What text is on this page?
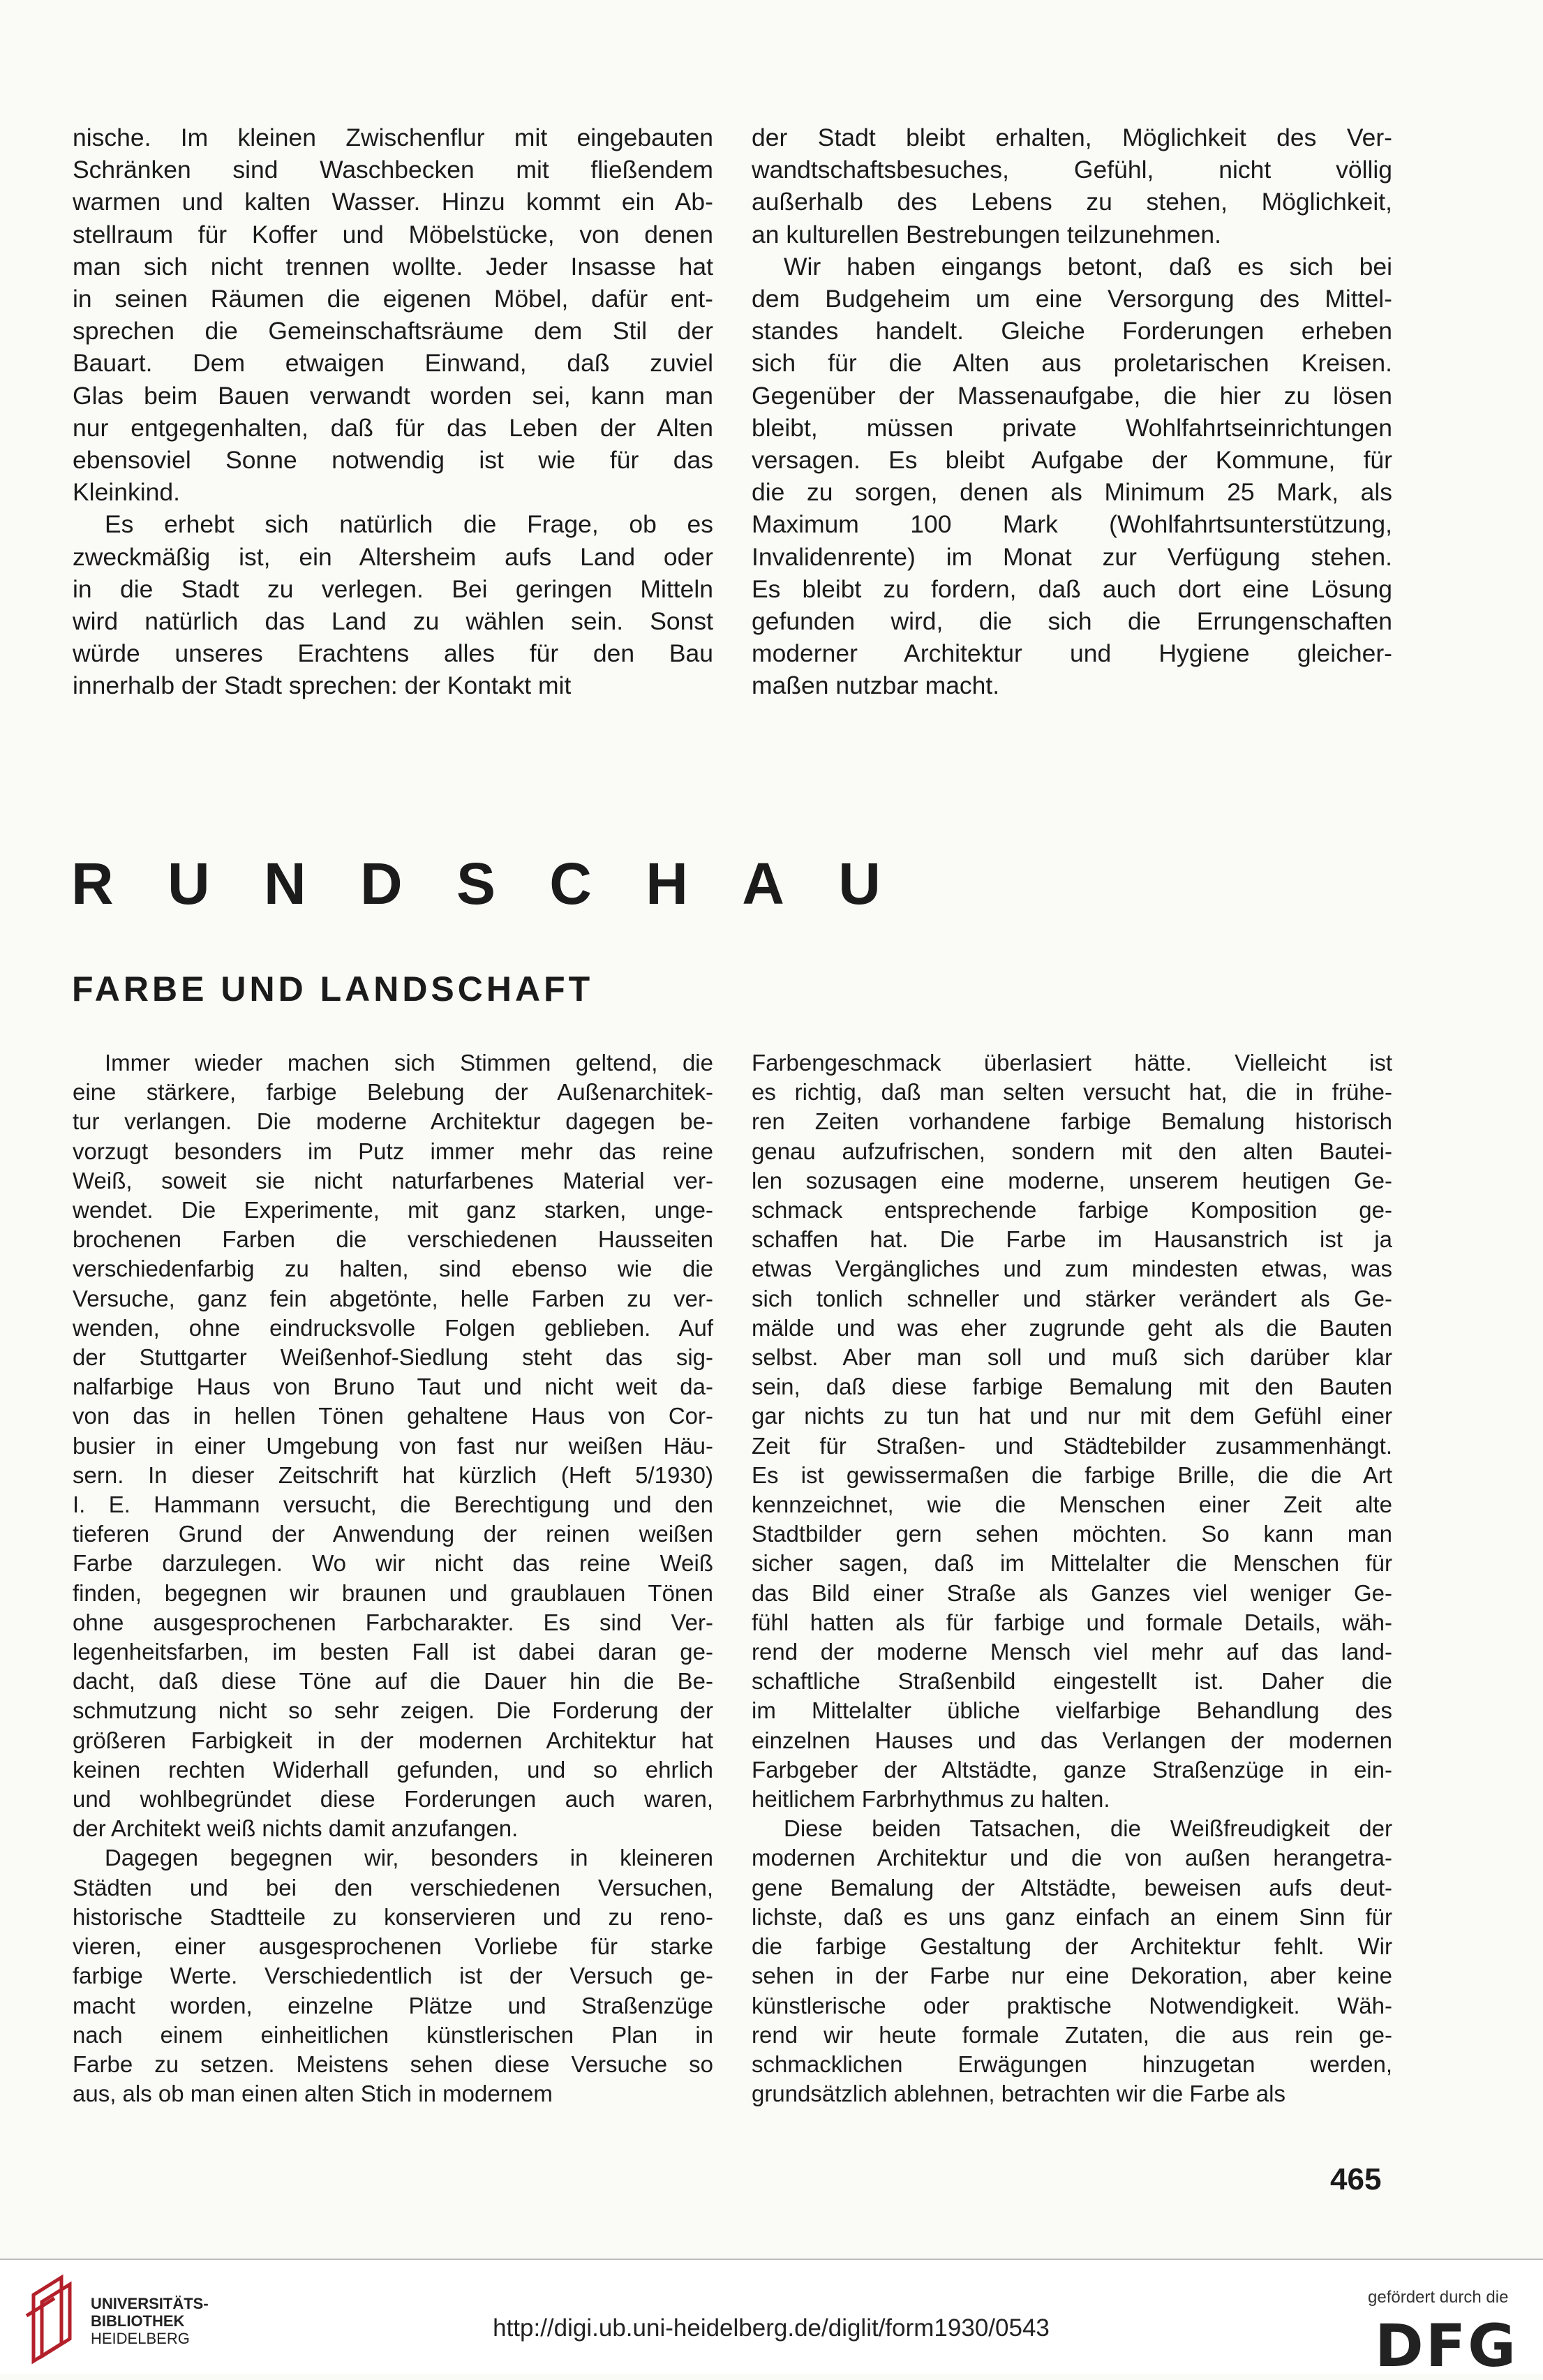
nische. Im kleinen Zwischenflur mit eingebauten
Schränken sind Waschbecken mit fließendem
warmen und kalten Wasser. Hinzu kommt ein Ab-
stellraum für Koffer und Möbelstücke, von denen
man sich nicht trennen wollte. Jeder Insasse hat
in seinen Räumen die eigenen Möbel, dafür ent-
sprechen die Gemeinschaftsräume dem Stil der
Bauart. Dem etwaigen Einwand, daß zuviel
Glas beim Bauen verwandt worden sei, kann man
nur entgegenhalten, daß für das Leben der Alten
ebensoviel Sonne notwendig ist wie für das
Kleinkind.

Es erhebt sich natürlich die Frage, ob es
zweckmäßig ist, ein Altersheim aufs Land oder
in die Stadt zu verlegen. Bei geringen Mitteln
wird natürlich das Land zu wählen sein. Sonst
würde unseres Erachtens alles für den Bau
innerhalb der Stadt sprechen: der Kontakt mit

der Stadt bleibt erhalten, Möglichkeit des Ver-
wandtschaftsbesuches, Gefühl, nicht völlig
außerhalb des Lebens zu stehen, Möglichkeit,
an kulturellen Bestrebungen teilzunehmen.

Wir haben eingangs betont, daß es sich bei
dem Budgeheim um eine Versorgung des Mittel-
standes handelt. Gleiche Forderungen erheben
sich für die Alten aus proletarischen Kreisen.
Gegenüber der Massenaufgabe, die hier zu lösen
bleibt, müssen private Wohlfahrtseinrichtungen
versagen. Es bleibt Aufgabe der Kommune, für
die zu sorgen, denen als Minimum 25 Mark, als
Maximum 100 Mark (Wohlfahrtsunterstützung,
Invalidenrente) im Monat zur Verfügung stehen.
Es bleibt zu fordern, daß auch dort eine Lösung
gefunden wird, die sich die Errungenschaften
moderner Architektur und Hygiene gleicher-
maßen nutzbar macht.

R U N D S C H A U
FARBE UND LANDSCHAFT

Immer wieder machen sich Stimmen geltend, die
eine stärkere, farbige Belebung der Außenarchitek-
tur verlangen. Die moderne Architektur dagegen be-
vorzugt besonders im Putz immer mehr das reine
Weiß, soweit sie nicht naturfarbenes Material ver-
wendet. Die Experimente, mit ganz starken, unge-
brochenen Farben die verschiedenen Hausseiten
verschiedenfarbig zu halten, sind ebenso wie die
Versuche, ganz fein abgetönte, helle Farben zu ver-
wenden, ohne eindrucksvolle Folgen geblieben. Auf
der Stuttgarter Weißenhof-Siedlung steht das sig-
nalfarbige Haus von Bruno Taut und nicht weit da-
von das in hellen Tönen gehaltene Haus von Cor-
busier in einer Umgebung von fast nur weißen Häu-
sern. In dieser Zeitschrift hat kürzlich (Heft 5/1930)
I. E. Hammann versucht, die Berechtigung und den
tieferen Grund der Anwendung der reinen weißen
Farbe darzulegen. Wo wir nicht das reine Weiß
finden, begegnen wir braunen und graublauen Tönen
ohne ausgesprochenen Farbcharakter. Es sind Ver-
legenheitsfarben, im besten Fall ist dabei daran ge-
dacht, daß diese Töne auf die Dauer hin die Be-
schmutzung nicht so sehr zeigen. Die Forderung der
größeren Farbigkeit in der modernen Architektur hat
keinen rechten Widerhall gefunden, und so ehrlich
und wohlbegründet diese Forderungen auch waren,
der Architekt weiß nichts damit anzufangen.

Dagegen begegnen wir, besonders in kleineren
Städten und bei den verschiedenen Versuchen,
historische Stadtteile zu konservieren und zu reno-
vieren, einer ausgesprochenen Vorliebe für starke
farbige Werte. Verschiedentlich ist der Versuch ge-
macht worden, einzelne Plätze und Straßenzüge
nach einem einheitlichen künstlerischen Plan in
Farbe zu setzen. Meistens sehen diese Versuche so
aus, als ob man einen alten Stich in modernem

Farbengeschmack überlasiert hätte. Vielleicht ist
es richtig, daß man selten versucht hat, die in frühe-
ren Zeiten vorhandene farbige Bemalung historisch
genau aufzufrischen, sondern mit den alten Bautei-
len sozusagen eine moderne, unserem heutigen Ge-
schmack entsprechende farbige Komposition ge-
schaffen hat. Die Farbe im Hausanstrich ist ja
etwas Vergängliches und zum mindesten etwas, was
sich tonlich schneller und stärker verändert als Ge-
mälde und was eher zugrunde geht als die Bauten
selbst. Aber man soll und muß sich darüber klar
sein, daß diese farbige Bemalung mit den Bauten
gar nichts zu tun hat und nur mit dem Gefühl einer
Zeit für Straßen- und Städtebilder zusammenhängt.
Es ist gewissermaßen die farbige Brille, die die Art
kennzeichnet, wie die Menschen einer Zeit alte
Stadtbilder gern sehen möchten. So kann man
sicher sagen, daß im Mittelalter die Menschen für
das Bild einer Straße als Ganzes viel weniger Ge-
fühl hatten als für farbige und formale Details, wäh-
rend der moderne Mensch viel mehr auf das land-
schaftliche Straßenbild eingestellt ist. Daher die
im Mittelalter übliche vielfarbige Behandlung des
einzelnen Hauses und das Verlangen der modernen
Farbgeber der Altstädte, ganze Straßenzüge in ein-
heitlichem Farbrhythmus zu halten.

Diese beiden Tatsachen, die Weißfreudigkeit der
modernen Architektur und die von außen herangetra-
gene Bemalung der Altstädte, beweisen aufs deut-
lichste, daß es uns ganz einfach an einem Sinn für
die farbige Gestaltung der Architektur fehlt. Wir
sehen in der Farbe nur eine Dekoration, aber keine
künstlerische oder praktische Notwendigkeit. Wäh-
rend wir heute formale Zutaten, die aus rein ge-
schmacklichen Erwägungen hinzugetan werden,
grundsätzlich ablehnen, betrachten wir die Farbe als

465
UNIVERSITÄTS-
BIBLIOTHEK
HEIDELBERG	http://digi.ub.uni-heidelberg.de/diglit/form1930/0543
gefördert durch die
DFG
